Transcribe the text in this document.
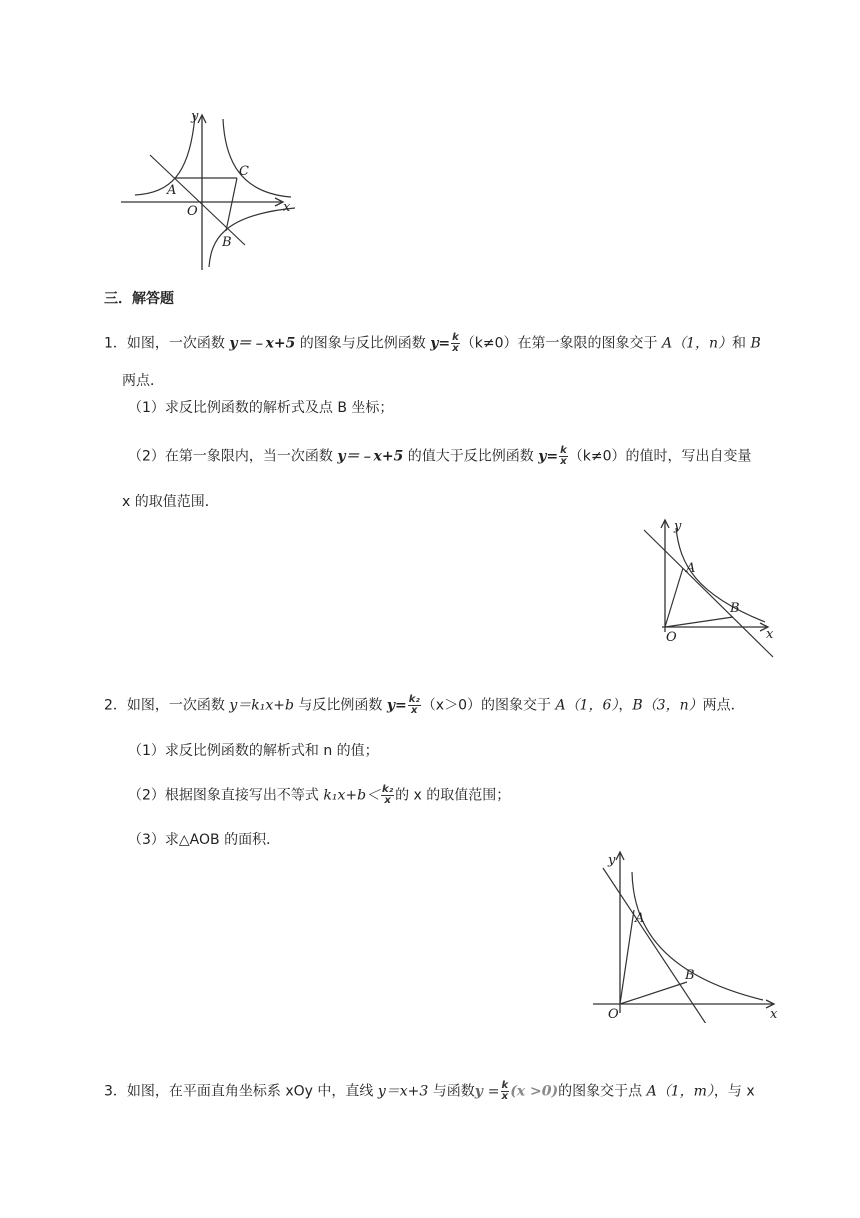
y
x
A
C
O
B
三．解答题
1．如图，一次函数 y＝﹣x+5 的图象与反比例函数 $y= \frac{k}{x} (k\ne 0)$在第一象限的图象交于 A（1，n）和 B
两点．
（1）求反比例函数的解析式及点 B 坐标；
（2）在第一象限内，当一次函数 y＝﹣x+5 的值大于反比例函数 $y= \frac{k}{x} (k\ne 0)$的值时，写出自变量
x 的取值范围．
y
x
A
B
O
2．如图，一次函数 y＝k₁x+b 与反比例函数 $y= \frac{\text{k₂}}{x} (x>0)$的图象交于 A（1，6），B（3，n）两点．
（1）求反比例函数的解析式和 n 的值；
（2）根据图象直接写出不等式 $k_1x+b< \frac{\text{k₂}}{x}$ 的 x 的取值范围；
（3）求△AOB 的面积．
y
x
A
B
O
3．如图，在平面直角坐标系 xOy 中，直线 y＝x+3 与函数$y = \frac{k}{x} (x >0)$的图象交于点 A（1，m），与 x
